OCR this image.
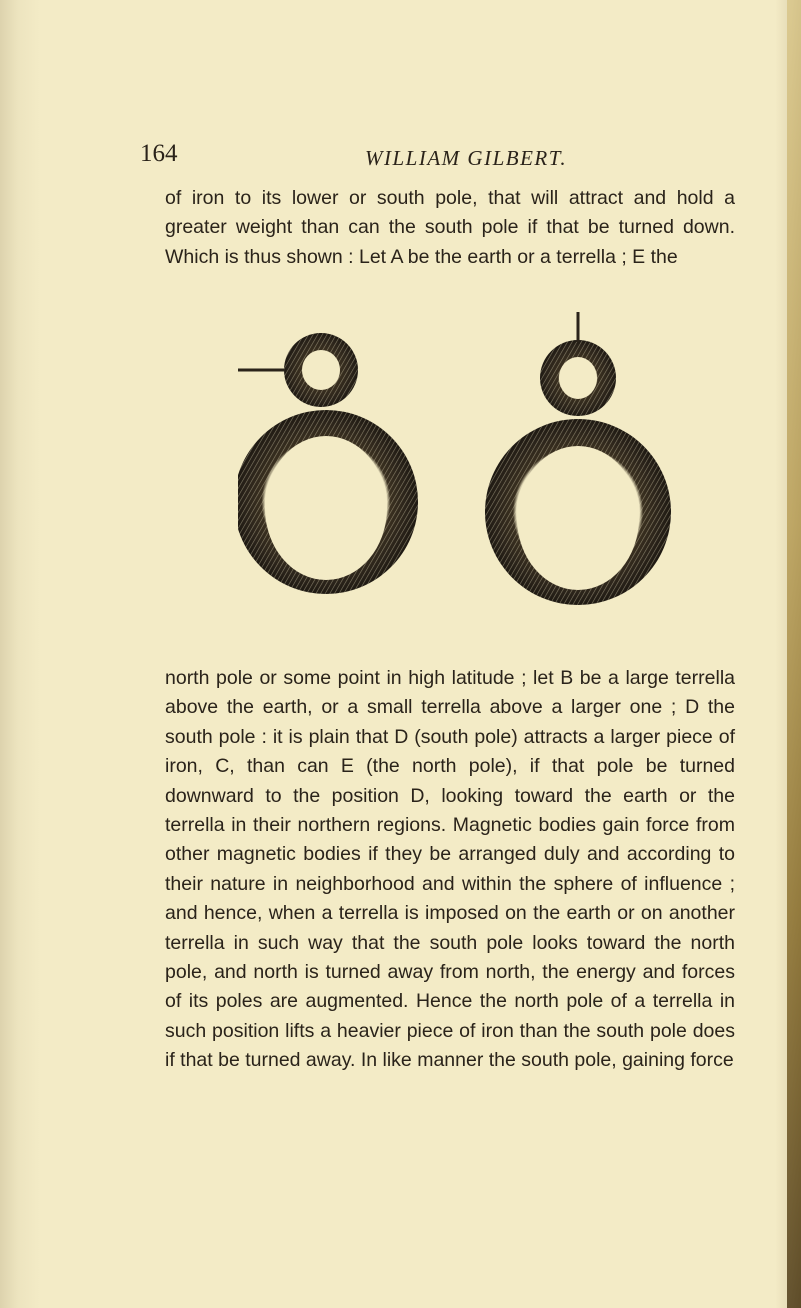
164	WILLIAM GILBERT.

of iron to its lower or south pole, that will attract and hold a greater weight than can the south pole if that be turned down. Which is thus shown : Let A be the earth or a terrella ; E the

north pole or some point in high latitude ; let B be a large terrella above the earth, or a small terrella above a larger one ; D the south pole : it is plain that D (south pole) attracts a larger piece of iron, C, than can E (the north pole), if that pole be turned downward to the position D, looking toward the earth or the terrella in their northern regions. Magnetic bodies gain force from other magnetic bodies if they be arranged duly and according to their nature in neighborhood and within the sphere of influence ; and hence, when a terrella is imposed on the earth or on another terrella in such way that the south pole looks toward the north pole, and north is turned away from north, the energy and forces of its poles are augmented. Hence the north pole of a terrella in such position lifts a heavier piece of iron than the south pole does if that be turned away. In like manner the south pole, gaining force
